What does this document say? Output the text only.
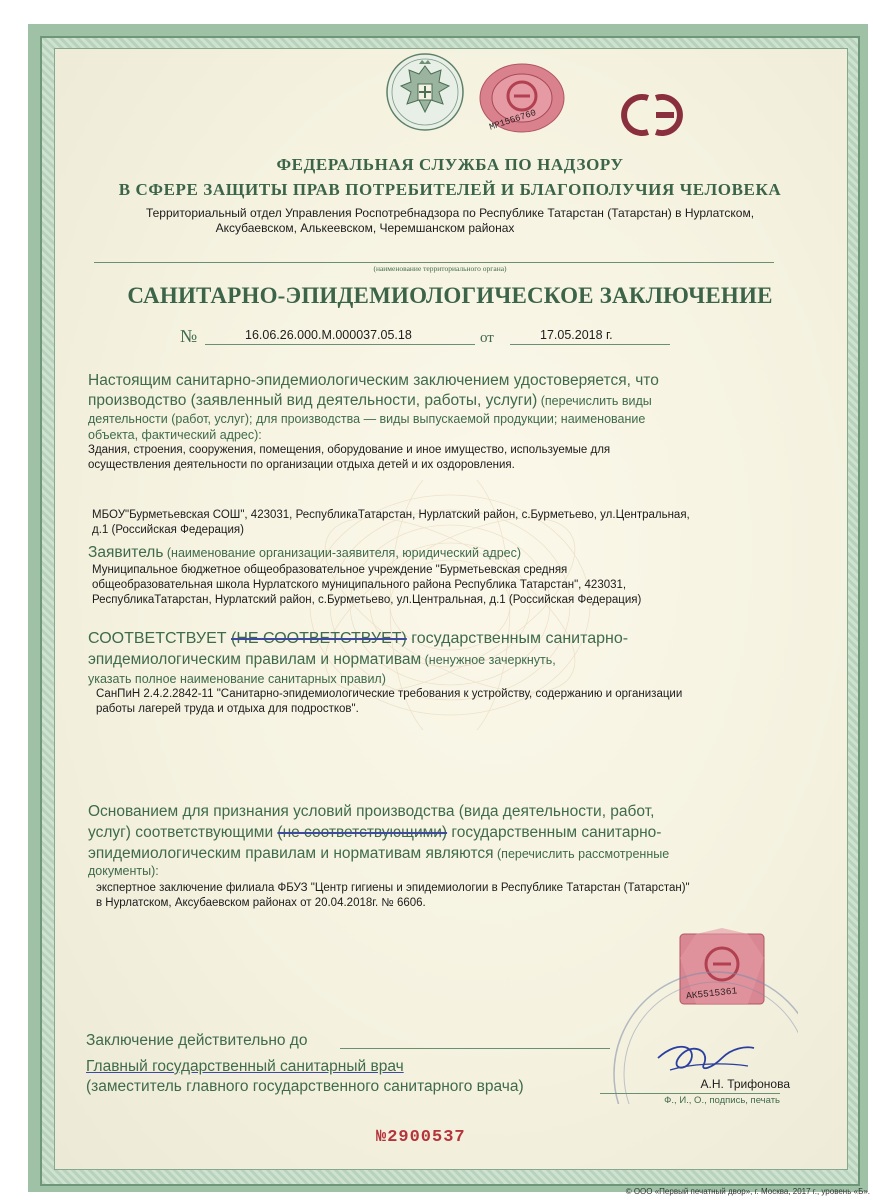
МР1556760
ФЕДЕРАЛЬНАЯ СЛУЖБА ПО НАДЗОРУ
В СФЕРЕ ЗАЩИТЫ ПРАВ ПОТРЕБИТЕЛЕЙ И БЛАГОПОЛУЧИЯ ЧЕЛОВЕКА
Территориальный отдел Управления Роспотребнадзора по Республике Татарстан (Татарстан) в Нурлатском,
Аксубаевском, Алькеевском, Черемшанском районах
(наименование территориального органа)
САНИТАРНО-ЭПИДЕМИОЛОГИЧЕСКОЕ ЗАКЛЮЧЕНИЕ
№	16.06.26.000.М.000037.05.18	от	17.05.2018 г.
Настоящим санитарно-эпидемиологическим заключением удостоверяется, что
производство (заявленный вид деятельности, работы, услуги) (перечислить виды
деятельности (работ, услуг); для производства — виды выпускаемой продукции; наименование
объекта, фактический адрес):
Здания, строения, сооружения, помещения, оборудование и иное имущество, используемые для
осуществления деятельности по организации отдыха детей и их оздоровления.
МБОУ"Бурметьевская СОШ", 423031, РеспубликаТатарстан, Нурлатский район, с.Бурметьево, ул.Центральная,
д.1 (Российская Федерация)
Заявитель (наименование организации-заявителя, юридический адрес)
Муниципальное бюджетное общеобразовательное учреждение "Бурметьевская средняя
общеобразовательная школа Нурлатского муниципального района Республика Татарстан", 423031,
РеспубликаТатарстан, Нурлатский район, с.Бурметьево, ул.Центральная, д.1 (Российская Федерация)
СООТВЕТСТВУЕТ (НЕ СООТВЕТСТВУЕТ) государственным санитарно-
эпидемиологическим правилам и нормативам (ненужное зачеркнуть,
указать полное наименование санитарных правил)
СанПиН 2.4.2.2842-11 "Санитарно-эпидемиологические требования к устройству, содержанию и организации
работы лагерей труда и отдыха для подростков".
Основанием для признания условий производства (вида деятельности, работ,
услуг) соответствующими (не соответствующими) государственным санитарно-
эпидемиологическим правилам и нормативам являются (перечислить рассмотренные
документы):
экспертное заключение филиала ФБУЗ "Центр гигиены и эпидемиологии в Республике Татарстан (Татарстан)"
в Нурлатском, Аксубаевском районах от 20.04.2018г. № 6606.
АК5515361
Заключение действительно до
Главный государственный санитарный врач
(заместитель главного государственного санитарного врача)	А.Н. Трифонова
Ф., И., О., подпись, печать
№2900537
© ООО «Первый печатный двор», г. Москва, 2017 г., уровень «Б».
